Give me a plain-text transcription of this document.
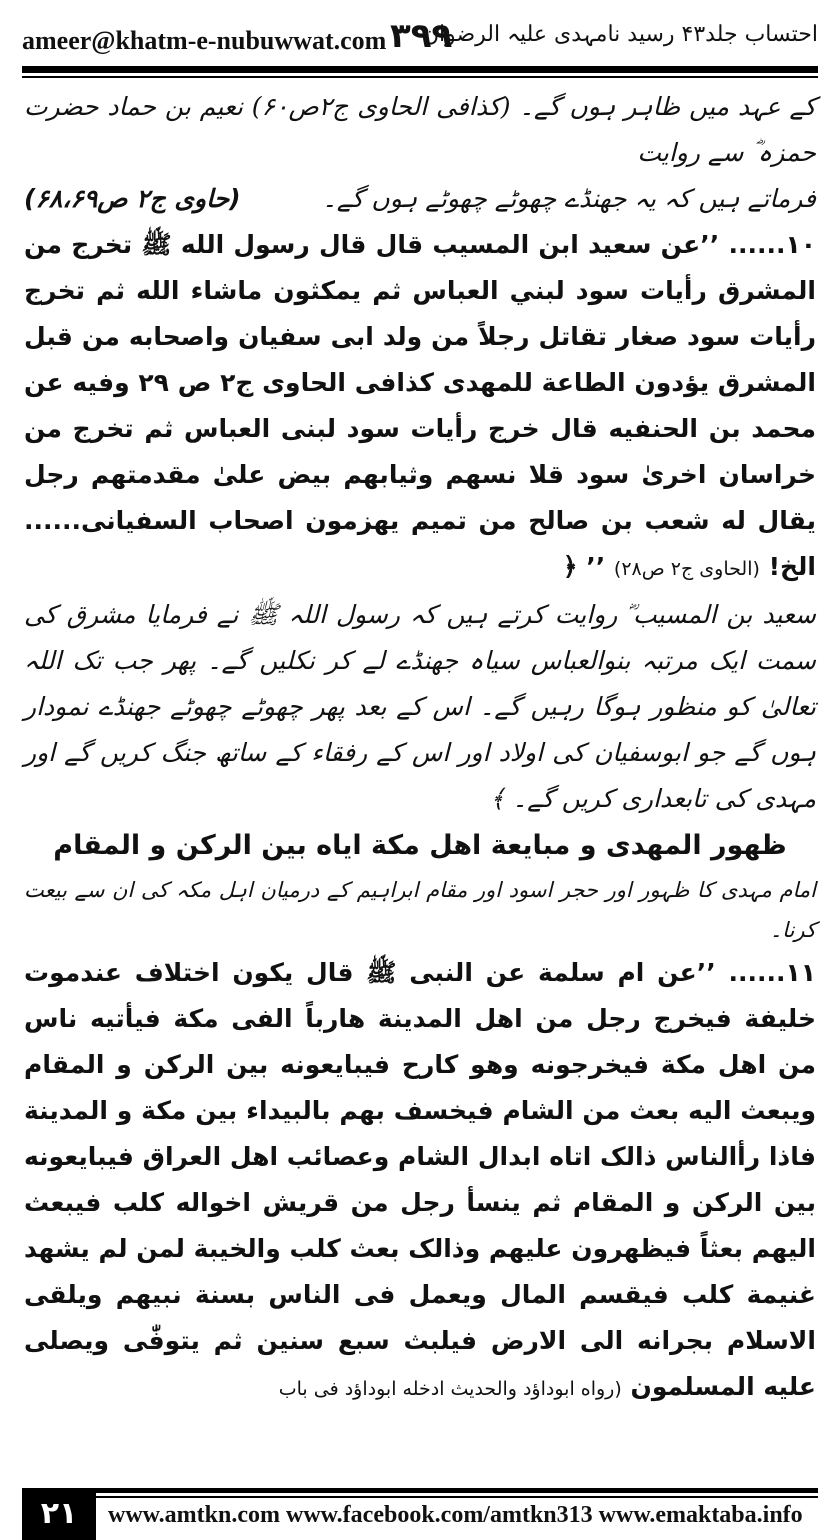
ameer@khatm-e-nubuwwat.com ۳۹۹
احتساب جلد۴۳ رسید نامہدی علیہ الرضوان

کے عہد میں ظاہر ہوں گے۔ (کذافی الحاوی ج۲ص۶۰) نعیم بن حماد حضرت حمزہ ؓ سے روایت

فرماتے ہیں کہ یہ جھنڈے چھوٹے چھوٹے ہوں گے۔
(حاوی ج۲ ص۶۸،۶۹)

۱۰...... ’’عن سعيد ابن المسيب قال قال رسول الله ﷺ تخرج من المشرق رأيات سود لبني العباس ثم يمكثون ماشاء الله ثم تخرج رأيات سود صغار تقاتل رجلاً من ولد ابى سفيان واصحابه من قبل المشرق يؤدون الطاعة للمهدى كذافى الحاوى ج۲ ص ۲۹ وفيه عن محمد بن الحنفيه قال خرج رأيات سود لبنى العباس ثم تخرج من خراسان اخرىٰ سود قلا نسهم وثيابهم بيض علىٰ مقدمتهم رجل يقال له شعب بن صالح من تميم يهزمون اصحاب السفيانى...... الخ! (الحاوى ج۲ ص۲۸) ’’ ﴿

سعید بن المسیب ؓ روایت کرتے ہیں کہ رسول اللہ ﷺ نے فرمایا مشرق کی سمت ایک مرتبہ بنوالعباس سیاہ جھنڈے لے کر نکلیں گے۔ پھر جب تک اللہ تعالیٰ کو منظور ہوگا رہیں گے۔ اس کے بعد پھر چھوٹے چھوٹے جھنڈے نمودار ہوں گے جو ابوسفیان کی اولاد اور اس کے رفقاء کے ساتھ جنگ کریں گے اور مہدی کی تابعداری کریں گے۔ ﴾

ظهور المهدى و مبايعة اهل مكة اياه بين الركن و المقام

امام مہدی کا ظہور اور حجر اسود اور مقام ابراہیم کے درمیان اہل مکہ کی ان سے بیعت کرنا۔

۱۱...... ’’عن ام سلمة عن النبى ﷺ قال يكون اختلاف عندموت خليفة فيخرج رجل من اهل المدينة هارباً الفى مكة فيأتيه ناس من اهل مكة فيخرجونه وهو كارح فيبايعونه بين الركن و المقام ويبعث اليه بعث من الشام فيخسف بهم بالبيداء بين مكة و المدينة فاذا رأالناس ذالک اتاه ابدال الشام وعصائب اهل العراق فيبايعونه بين الركن و المقام ثم ينسأ رجل من قريش اخواله كلب فيبعث اليهم بعثاً فيظهرون عليهم وذالک بعث كلب والخيبة لمن لم يشهد غنيمة كلب فيقسم المال ويعمل فى الناس بسنة نبيهم ويلقى الاسلام بجرانه الى الارض فيلبث سبع سنين ثم يتوفّٰى ويصلى عليه المسلمون (رواه ابوداؤد والحديث ادخله ابوداؤد فى باب

۲۱	www.amtkn.com www.facebook.com/amtkn313 www.emaktaba.info
